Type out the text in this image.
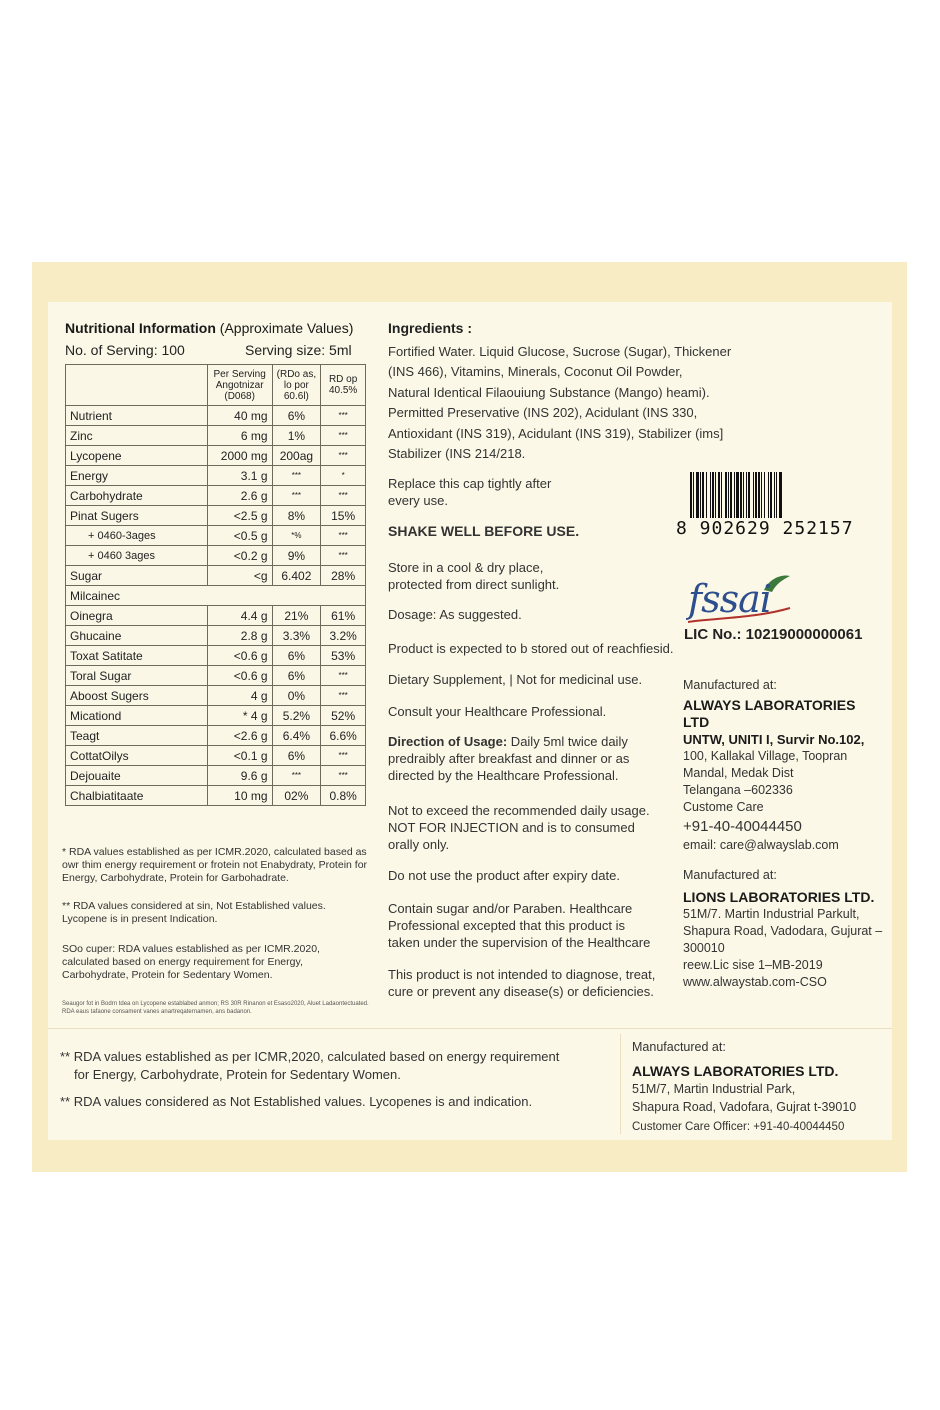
Nutritional Information (Approximate Values)
No. of Serving: 100	Serving size: 5ml
	Per Serving Angotnizar (D068)	(RDo as, lo por 60.6l)	RD op 40.5%
Nutrient	40 mg	6%	***
Zinc	6 mg	1%	***
Lycopene	2000 mg	200ag	***
Energy	3.1 g	***	*
Carbohydrate	2.6 g	***	***
Pinat Sugers	<2.5 g	8%	15%
+ 0460-3ages	<0.5 g	*%	***
+ 0460 3ages	<0.2 g	9%	***
Sugar	<g	6.402	28%
Milcainec			
Oinegra	4.4 g	21%	61%
Ghucaine	2.8 g	3.3%	3.2%
Toxat Satitate	<0.6 g	6%	53%
Toral Sugar	<0.6 g	6%	***
Aboost Sugers	4 g	0%	***
Micationd	* 4 g	5.2%	52%
Teagt	<2.6 g	6.4%	6.6%
CottatOilys	<0.1 g	6%	***
Dejouaite	9.6 g	***	***
Chalbiatitaate	10 mg	02%	0.8%
* RDA values established as per ICMR.2020, calculated based as owr thim energy requirement or frotein not Enabydraty, Protein for Energy, Carbohydrate, Protein for Garbohadrate.
** RDA values considered at sin, Not Established values. Lycopene is in present Indication.
SOo cuper: RDA values established as per ICMR.2020, calculated based on energy requirement for Energy, Carbohydrate, Protein for Sedentary Women.
Seaugor fot in Bodrn tdea on Lycopene establabed anmon; RS 30R Rinanon et Esaso2020, Aluet Ladaontectuated. RDA eaus tafaone consament vanes anartreqaternamen, ans badanon.
Ingredients :
Fortified Water. Liquid Glucose, Sucrose (Sugar), Thickener
(INS 466), Vitamins, Minerals, Coconut Oil Powder,
Natural Identical Filaouiung Substance (Mango) heami).
Permitted Preservative (INS 202), Acidulant (INS 330,
Antioxidant (INS 319), Acidulant (INS 319), Stabilizer (ims]
Stabilizer (INS 214/218.
Replace this cap tightly after every use.
SHAKE WELL BEFORE USE.
Store in a cool & dry place, protected from direct sunlight.
Dosage: As suggested.
Product is expected to b stored out of reachfiesid.
Dietary Supplement, | Not for medicinal use.
Consult your Healthcare Professional.
Direction of Usage: Daily 5ml twice daily predraibly after breakfast and dinner or as directed by the Healthcare Professional.
Not to exceed the recommended daily usage. NOT FOR INJECTION and is to consumed orally only.
Do not use the product after expiry date.
Contain sugar and/or Paraben. Healthcare Professional excepted that this product is taken under the supervision of the Healthcare
This product is not intended to diagnose, treat, cure or prevent any disease(s) or deficiencies.
8 902629 252157
fssai
LIC No.: 10219000000061
Manufactured at:
ALWAYS LABORATORIES LTD
UNTW, UNITI I, Survir No.102,
100, Kallakal Village, Toopran
Mandal, Medak Dist
Telangana –602336
Custome Care
+91-40-40044450
email: care@alwayslab.com
Manufactured at:
LIONS LABORATORIES LTD.
51M/7. Martin Industrial Parkult,
Shapura Road, Vadodara, Gujurat –
300010
reew.Lic sise 1–MB-2019
www.alwaystab.com-CSO
** RDA values established as per ICMR,2020, calculated based on energy requirement
for Energy, Carbohydrate, Protein for Sedentary Women.
** RDA values considered as Not Established values. Lycopenes is and indication.
Manufactured at:
ALWAYS LABORATORIES LTD.
51M/7, Martin Industrial Park,
Shapura Road, Vadofara, Gujrat t-39010
Customer Care Officer: +91-40-40044450
